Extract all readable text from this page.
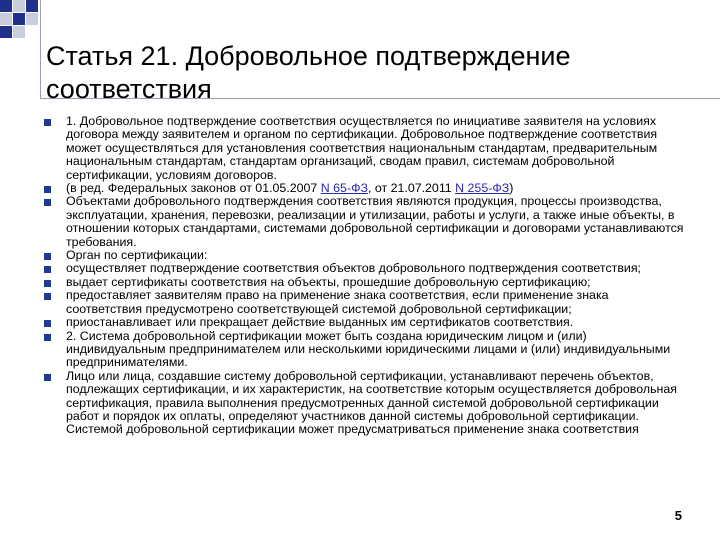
Статья 21. Добровольное подтверждение соответствия
1. Добровольное подтверждение соответствия осуществляется по инициативе заявителя на условиях договора между заявителем и органом по сертификации. Добровольное подтверждение соответствия может осуществляться для установления соответствия национальным стандартам, предварительным национальным стандартам, стандартам организаций, сводам правил, системам добровольной сертификации, условиям договоров.
(в ред. Федеральных законов от 01.05.2007 N 65-ФЗ, от 21.07.2011 N 255-ФЗ)
Объектами добровольного подтверждения соответствия являются продукция, процессы производства, эксплуатации, хранения, перевозки, реализации и утилизации, работы и услуги, а также иные объекты, в отношении которых стандартами, системами добровольной сертификации и договорами устанавливаются требования.
Орган по сертификации:
осуществляет подтверждение соответствия объектов добровольного подтверждения соответствия;
выдает сертификаты соответствия на объекты, прошедшие добровольную сертификацию;
предоставляет заявителям право на применение знака соответствия, если применение знака соответствия предусмотрено соответствующей системой добровольной сертификации;
приостанавливает или прекращает действие выданных им сертификатов соответствия.
2. Система добровольной сертификации может быть создана юридическим лицом и (или) индивидуальным предпринимателем или несколькими юридическими лицами и (или) индивидуальными предпринимателями.
Лицо или лица, создавшие систему добровольной сертификации, устанавливают перечень объектов, подлежащих сертификации, и их характеристик, на соответствие которым осуществляется добровольная сертификация, правила выполнения предусмотренных данной системой добровольной сертификации работ и порядок их оплаты, определяют участников данной системы добровольной сертификации. Системой добровольной сертификации может предусматриваться применение знака соответствия
5
